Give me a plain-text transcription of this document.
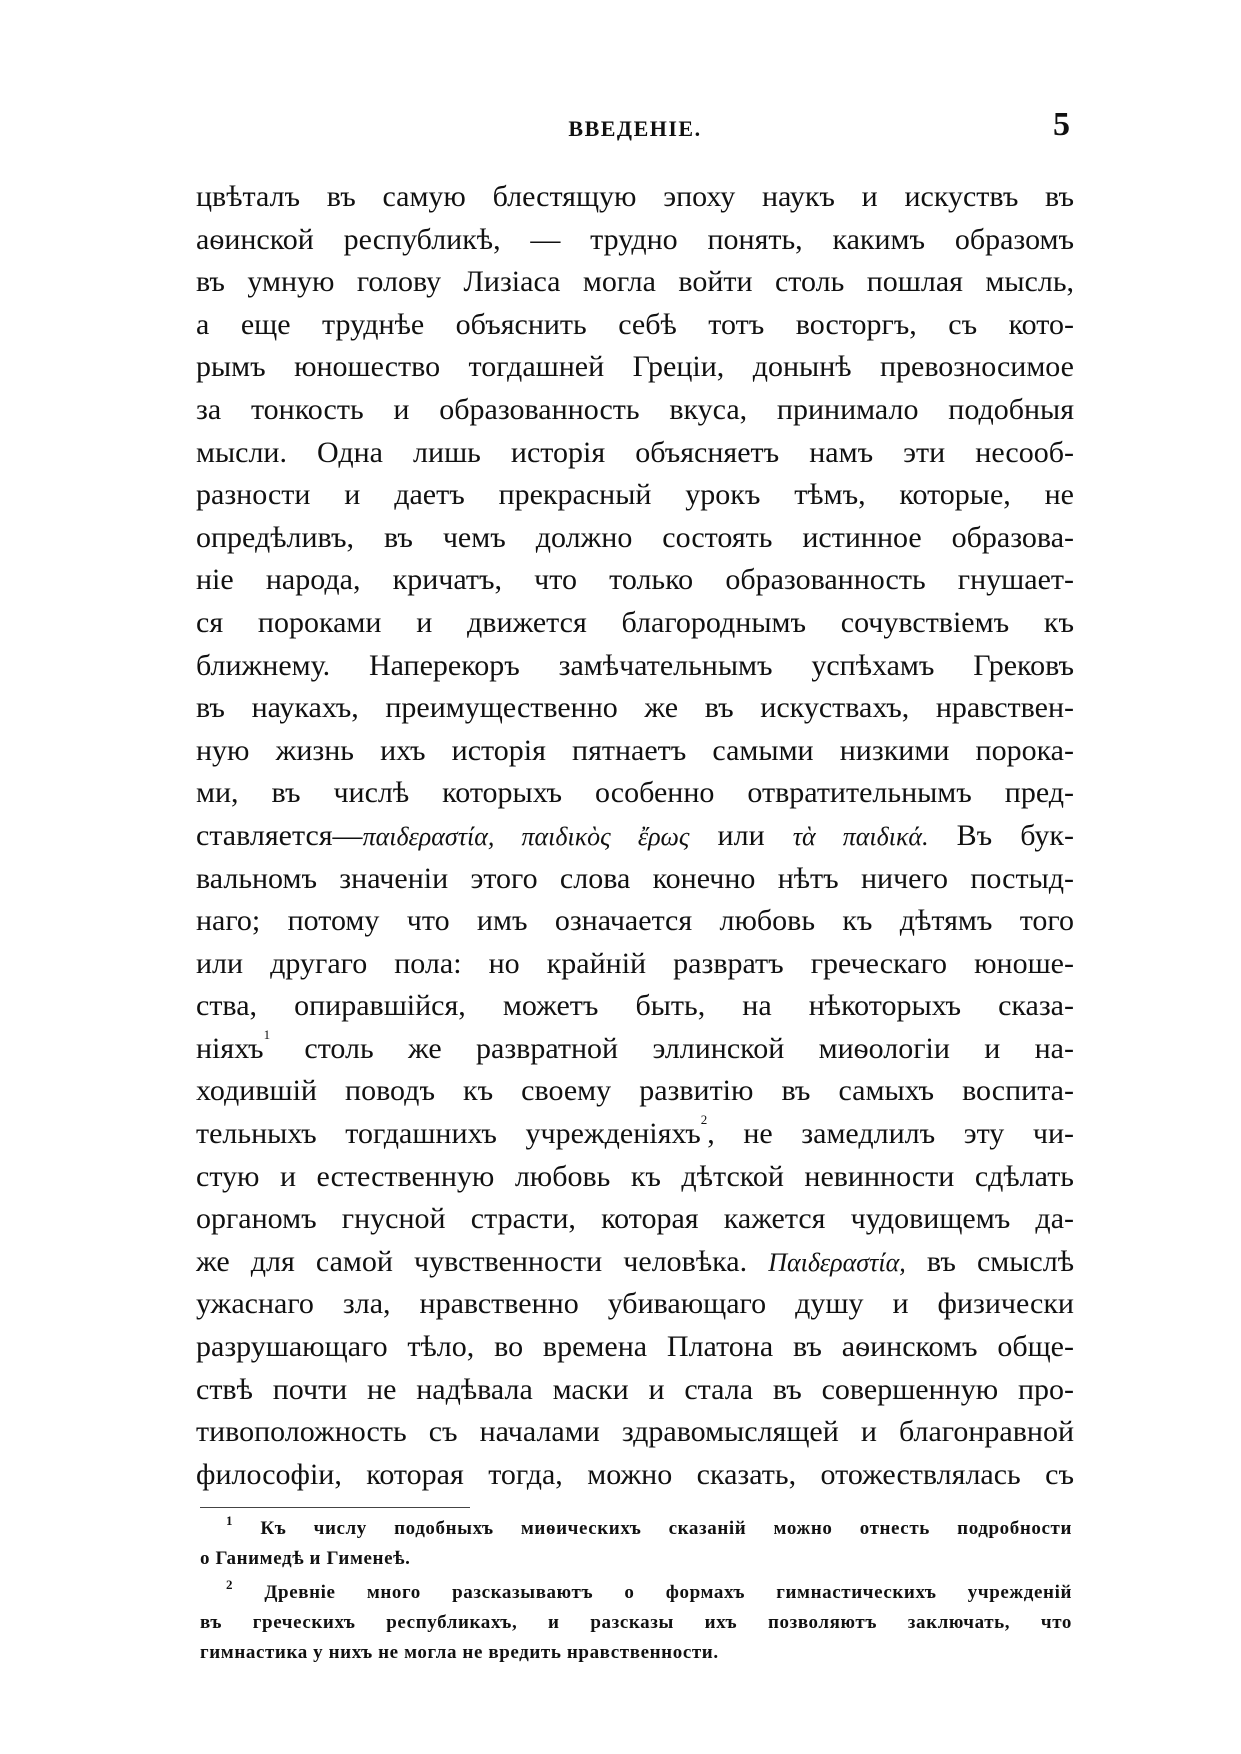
ВВЕДЕНІЕ.	5
цвѣталъ въ самую блестящую эпоху наукъ и искуствъ въ
аѳинской республикѣ, — трудно понять, какимъ образомъ
въ умную голову Лизіаса могла войти столь пошлая мысль,
а еще труднѣе объяснить себѣ тотъ восторгъ, съ кото-
рымъ юношество тогдашней Греціи, донынѣ превозносимое
за тонкость и образованность вкуса, принимало подобныя
мысли. Одна лишь исторія объясняетъ намъ эти несооб-
разности и даетъ прекрасный урокъ тѣмъ, которые, не
опредѣливъ, въ чемъ должно состоять истинное образова-
ніе народа, кричатъ, что только образованность гнушает-
ся пороками и движется благороднымъ сочувствіемъ къ
ближнему. Наперекоръ замѣчательнымъ успѣхамъ Грековъ
въ наукахъ, преимущественно же въ искуствахъ, нравствен-
ную жизнь ихъ исторія пятнаетъ самыми низкими порока-
ми, въ числѣ которыхъ особенно отвратительнымъ пред-
ставляется—παιδεραστία, παιδικὸς ἔρως или τὰ παιδικά. Въ бук-
вальномъ значеніи этого слова конечно нѣтъ ничего постыд-
наго; потому что имъ означается любовь къ дѣтямъ того
или другаго пола: но крайній развратъ греческаго юноше-
ства, опиравшійся, можетъ быть, на нѣкоторыхъ сказа-
ніяхъ$^1$ столь же развратной эллинской миѳологіи и на-
ходившій поводъ къ своему развитію въ самыхъ воспита-
тельныхъ тогдашнихъ учрежденіяхъ$^2$, не замедлилъ эту чи-
стую и естественную любовь къ дѣтской невинности сдѣлать
органомъ гнусной страсти, которая кажется чудовищемъ да-
же для самой чувственности человѣка. Παιδεραστία, въ смыслѣ
ужаснаго зла, нравственно убивающаго душу и физически
разрушающаго тѣло, во времена Платона въ аѳинскомъ обще-
ствѣ почти не надѣвала маски и стала въ совершенную про-
тивоположность съ началами здравомыслящей и благонравной
философіи, которая тогда, можно сказать, отожествлялась съ
$^1$ Къ числу подобныхъ миѳическихъ сказаній можно отнесть подробности
о Ганимедѣ и Гименеѣ.
$^2$ Древніе много разсказываютъ о формахъ гимнастическихъ учрежденій
въ греческихъ республикахъ, и разсказы ихъ позволяютъ заключать, что
гимнастика у нихъ не могла не вредить нравственности.
